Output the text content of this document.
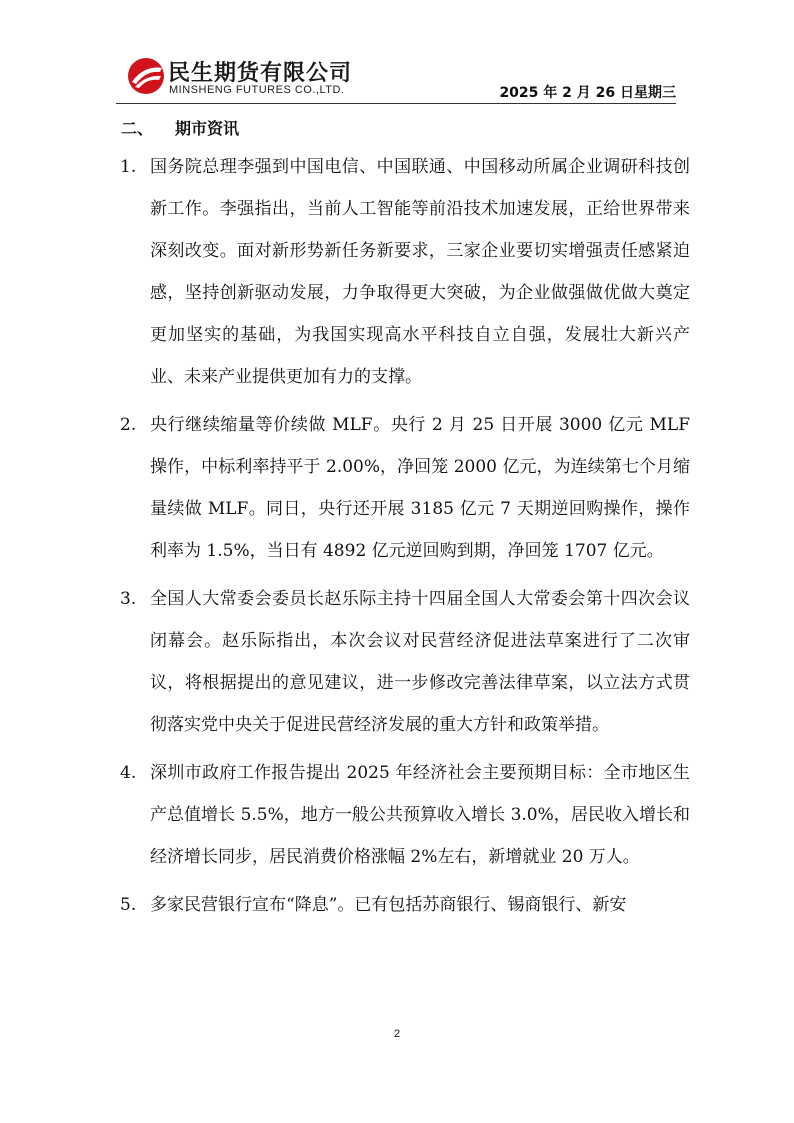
民生期货有限公司
MINSHENG FUTURES CO.,LTD.	2025 年 2 月 26 日星期三
二、 期市资讯
1. 国务院总理李强到中国电信、中国联通、中国移动所属企业调研科技创新工作。李强指出，当前人工智能等前沿技术加速发展，正给世界带来深刻改变。面对新形势新任务新要求，三家企业要切实增强责任感紧迫感，坚持创新驱动发展，力争取得更大突破，为企业做强做优做大奠定更加坚实的基础，为我国实现高水平科技自立自强，发展壮大新兴产业、未来产业提供更加有力的支撑。
2. 央行继续缩量等价续做 MLF。央行 2 月 25 日开展 3000 亿元 MLF 操作，中标利率持平于 2.00%，净回笼 2000 亿元，为连续第七个月缩量续做 MLF。同日，央行还开展 3185 亿元 7 天期逆回购操作，操作利率为 1.5%，当日有 4892 亿元逆回购到期，净回笼 1707 亿元。
3. 全国人大常委会委员长赵乐际主持十四届全国人大常委会第十四次会议闭幕会。赵乐际指出，本次会议对民营经济促进法草案进行了二次审议，将根据提出的意见建议，进一步修改完善法律草案，以立法方式贯彻落实党中央关于促进民营经济发展的重大方针和政策举措。
4. 深圳市政府工作报告提出 2025 年经济社会主要预期目标：全市地区生产总值增长 5.5%，地方一般公共预算收入增长 3.0%，居民收入增长和经济增长同步，居民消费价格涨幅 2%左右，新增就业 20 万人。
5. 多家民营银行宣布“降息”。已有包括苏商银行、锡商银行、新安
2
